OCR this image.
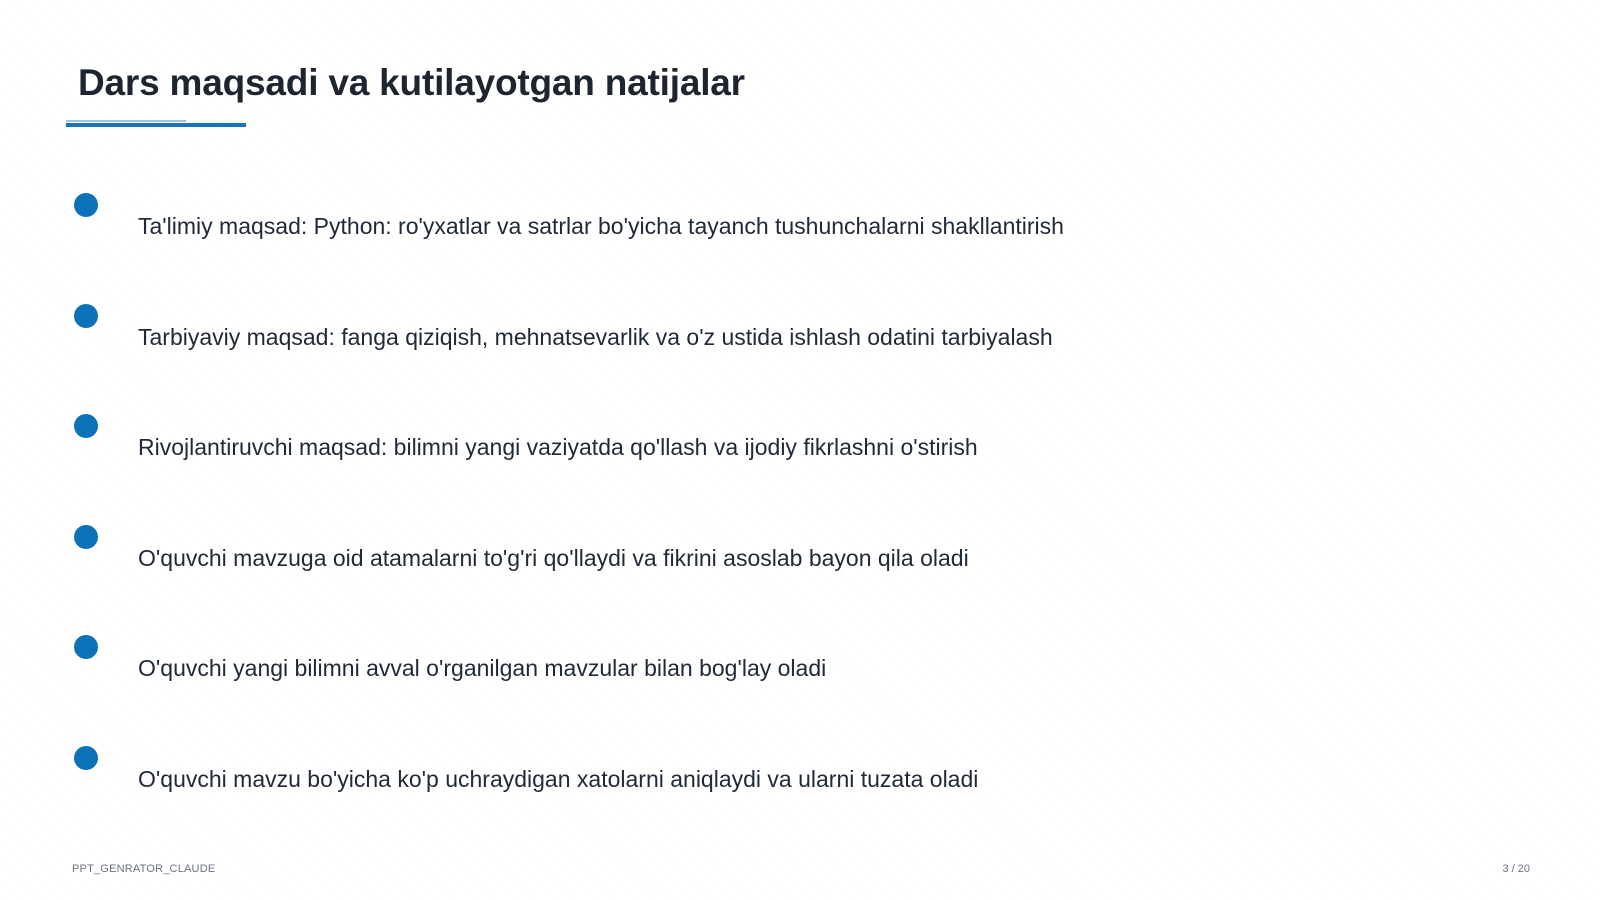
Dars maqsadi va kutilayotgan natijalar
Ta'limiy maqsad: Python: ro'yxatlar va satrlar bo'yicha tayanch tushunchalarni shakllantirish
Tarbiyaviy maqsad: fanga qiziqish, mehnatsevarlik va o'z ustida ishlash odatini tarbiyalash
Rivojlantiruvchi maqsad: bilimni yangi vaziyatda qo'llash va ijodiy fikrlashni o'stirish
O'quvchi mavzuga oid atamalarni to'g'ri qo'llaydi va fikrini asoslab bayon qila oladi
O'quvchi yangi bilimni avval o'rganilgan mavzular bilan bog'lay oladi
O'quvchi mavzu bo'yicha ko'p uchraydigan xatolarni aniqlaydi va ularni tuzata oladi
PPT_GENRATOR_CLAUDE	3 / 20
